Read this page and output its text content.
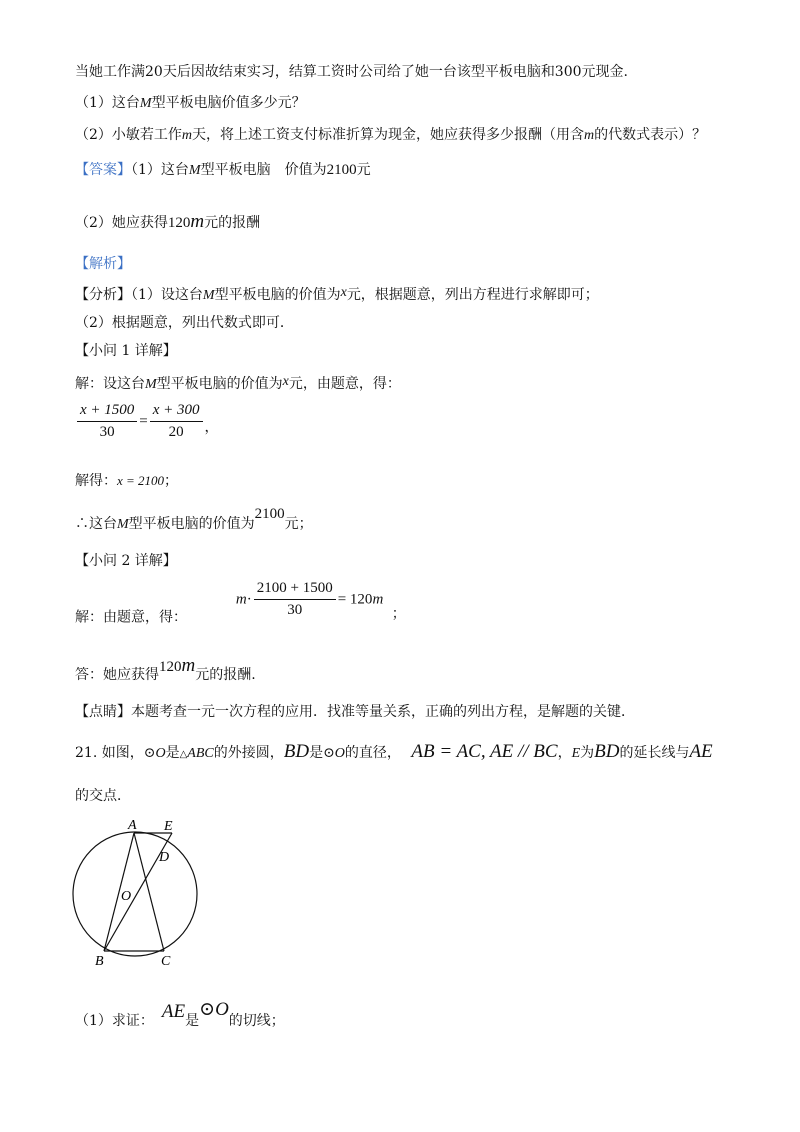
当她工作满20天后因故结束实习，结算工资时公司给了她一台该型平板电脑和300元现金.
（1）这台M型平板电脑价值多少元？
（2）小敏若工作m天，将上述工资支付标准折算为现金，她应获得多少报酬（用含m的代数式表示）？
【答案】（1）这台M型平板电脑　价值为2100元
（2）她应获得120m元的报酬
【解析】
【分析】（1）设这台M型平板电脑的价值为x元，根据题意，列出方程进行求解即可；
（2）根据题意，列出代数式即可．
【小问 1 详解】
解：设这台M型平板电脑的价值为x元，由题意，得：
$\frac{x + 1500}{30} = \frac{x + 300}{20}$ ，
解得：x = 2100；
∴这台M型平板电脑的价值为2100元；
【小问 2 详解】
解：由题意，得：  $m\cdot \frac{2100 + 1500}{30} = 120m$ ；
答：她应获得120m元的报酬.
【点睛】本题考查一元一次方程的应用．找准等量关系，正确的列出方程，是解题的关键．
21. 如图，⊙O是△ABC的外接圆，BD是⊙O的直径， AB = AC, AE // BC，E为BD的延长线与AE
的交点．
A E
D
O
B	C
（1）求证： AE是⊙O的切线；
